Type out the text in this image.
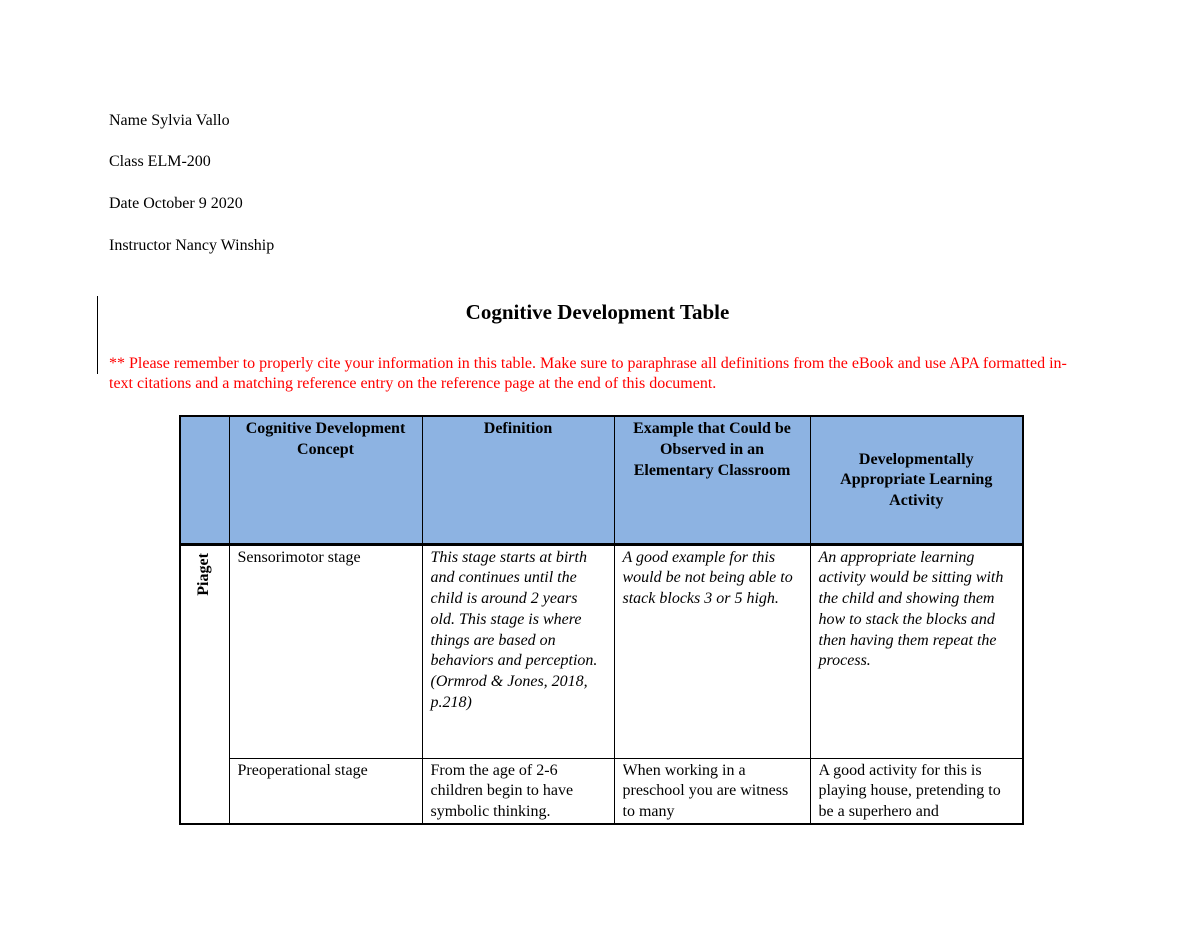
Name Sylvia Vallo
Class ELM-200
Date October 9 2020
Instructor Nancy Winship
Cognitive Development Table
** Please remember to properly cite your information in this table. Make sure to paraphrase all definitions from the eBook and use APA formatted in-text citations and a matching reference entry on the reference page at the end of this document.
	Cognitive Development Concept	Definition	Example that Could be Observed in an Elementary Classroom	Developmentally Appropriate Learning Activity
Piaget	Sensorimotor stage	This stage starts at birth and continues until the child is around 2 years old. This stage is where things are based on behaviors and perception. (Ormrod & Jones, 2018, p.218)	A good example for this would be not being able to stack blocks 3 or 5 high.	An appropriate learning activity would be sitting with the child and showing them how to stack the blocks and then having them repeat the process.

	Preoperational stage	From the age of 2-6 children begin to have symbolic thinking.	When working in a preschool you are witness to many	A good activity for this is playing house, pretending to be a superhero and
